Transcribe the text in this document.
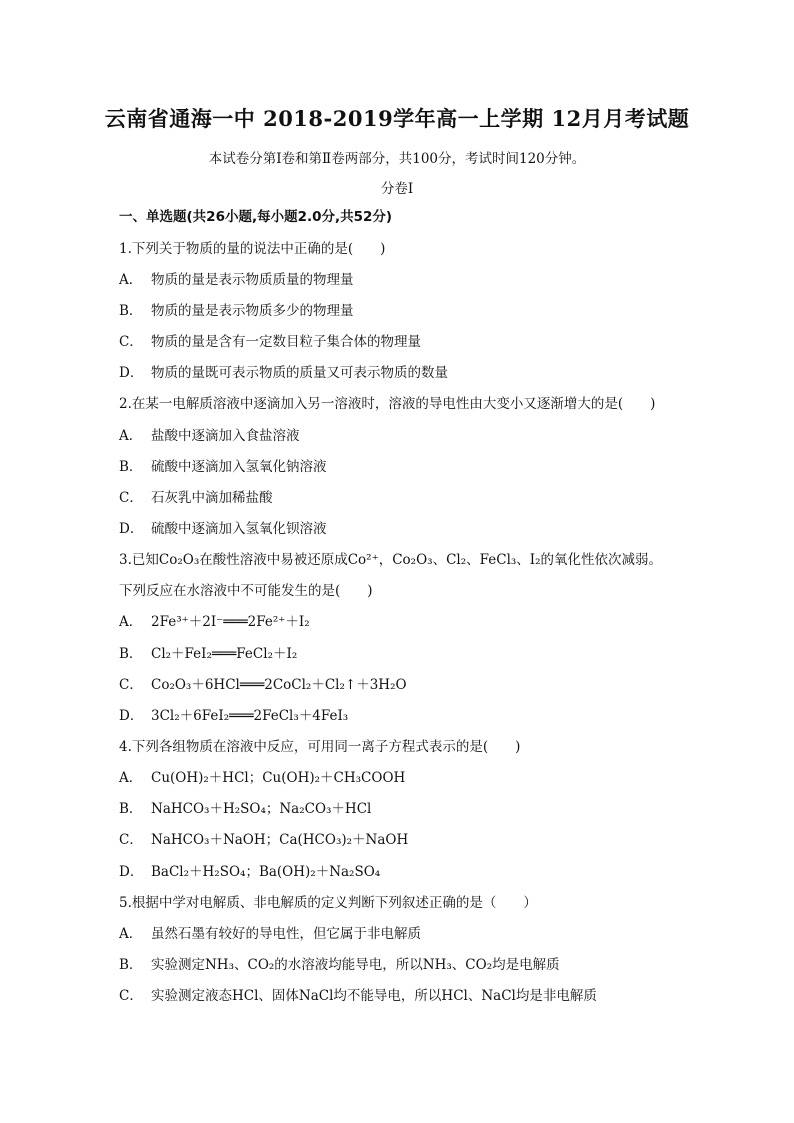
云南省通海一中 2018-2019学年高一上学期 12月月考试题
本试卷分第Ⅰ卷和第Ⅱ卷两部分，共100分，考试时间120分钟。
分卷I
一、单选题(共26小题,每小题2.0分,共52分)
1.下列关于物质的量的说法中正确的是(　　)
A． 物质的量是表示物质质量的物理量
B． 物质的量是表示物质多少的物理量
C． 物质的量是含有一定数目粒子集合体的物理量
D． 物质的量既可表示物质的质量又可表示物质的数量
2.在某一电解质溶液中逐滴加入另一溶液时，溶液的导电性由大变小又逐渐增大的是(　　)
A． 盐酸中逐滴加入食盐溶液
B． 硫酸中逐滴加入氢氧化钠溶液
C． 石灰乳中滴加稀盐酸
D． 硫酸中逐滴加入氢氧化钡溶液
3.已知Co₂O₃在酸性溶液中易被还原成Co²⁺，Co₂O₃、Cl₂、FeCl₃、I₂的氧化性依次减弱。
下列反应在水溶液中不可能发生的是(　　)
A． 2Fe³⁺＋2I⁻═══2Fe²⁺＋I₂
B． Cl₂＋FeI₂═══FeCl₂＋I₂
C． Co₂O₃＋6HCl═══2CoCl₂＋Cl₂↑＋3H₂O
D． 3Cl₂＋6FeI₂═══2FeCl₃＋4FeI₃
4.下列各组物质在溶液中反应，可用同一离子方程式表示的是(　　)
A． Cu(OH)₂＋HCl；Cu(OH)₂＋CH₃COOH
B． NaHCO₃＋H₂SO₄；Na₂CO₃＋HCl
C． NaHCO₃＋NaOH；Ca(HCO₃)₂＋NaOH
D． BaCl₂＋H₂SO₄；Ba(OH)₂＋Na₂SO₄
5.根据中学对电解质、非电解质的定义判断下列叙述正确的是（　　）
A． 虽然石墨有较好的导电性，但它属于非电解质
B． 实验测定NH₃、CO₂的水溶液均能导电，所以NH₃、CO₂均是电解质
C． 实验测定液态HCl、固体NaCl均不能导电，所以HCl、NaCl均是非电解质
